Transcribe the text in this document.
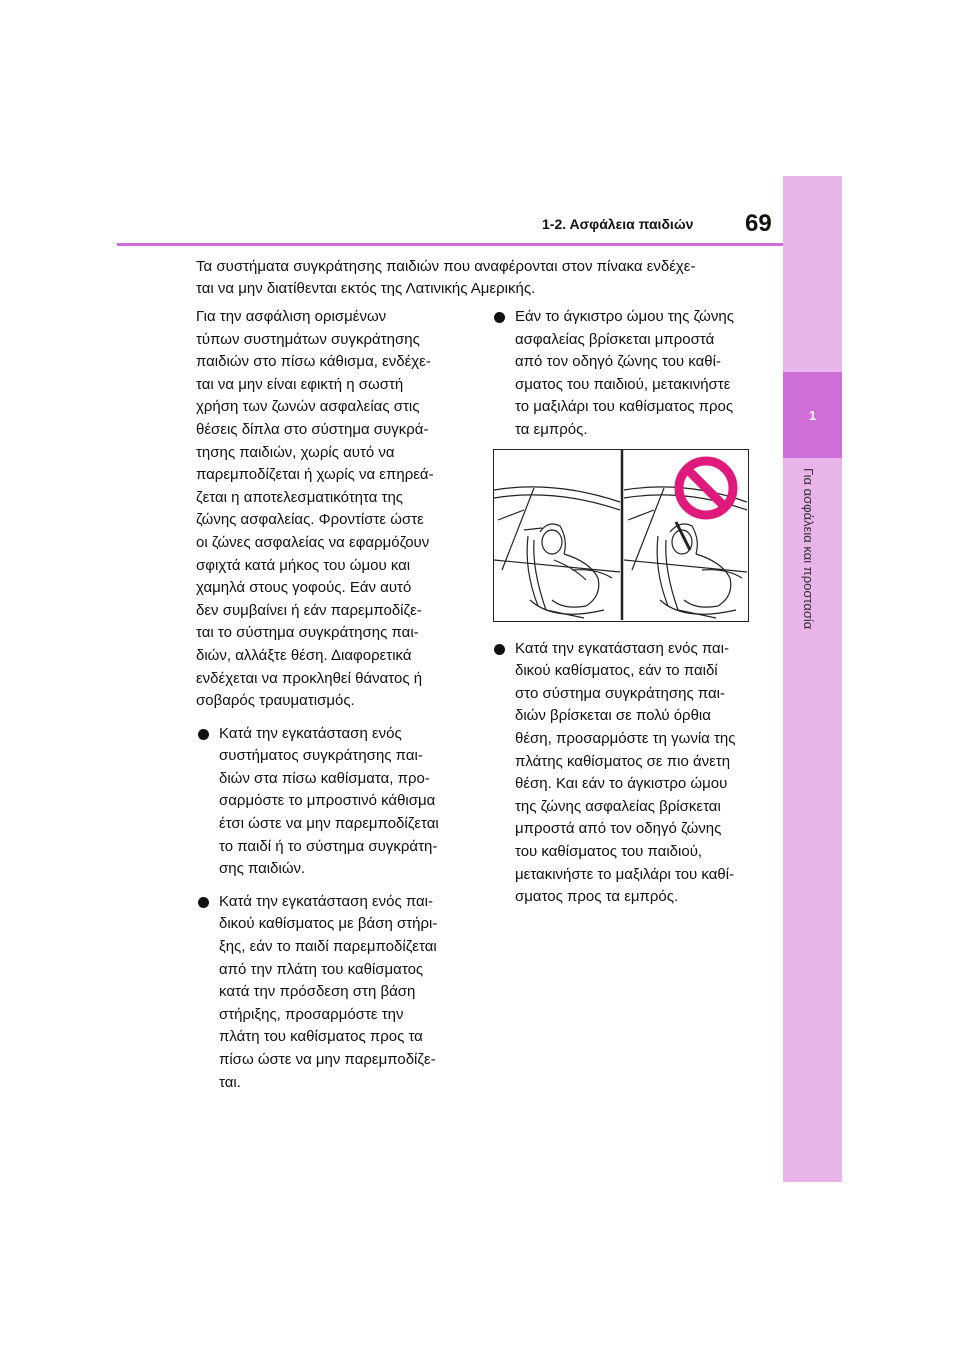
1
Για ασφάλεια και προστασία
1-2. Ασφάλεια παιδιών 69

Τα συστήματα συγκράτησης παιδιών που αναφέρονται στον πίνακα ενδέχε-
ται να μην διατίθενται εκτός της Λατινικής Αμερικής.

Για την ασφάλιση ορισμένων
τύπων συστημάτων συγκράτησης
παιδιών στο πίσω κάθισμα, ενδέχε-
ται να μην είναι εφικτή η σωστή
χρήση των ζωνών ασφαλείας στις
θέσεις δίπλα στο σύστημα συγκρά-
τησης παιδιών, χωρίς αυτό να
παρεμποδίζεται ή χωρίς να επηρεά-
ζεται η αποτελεσματικότητα της
ζώνης ασφαλείας. Φροντίστε ώστε
οι ζώνες ασφαλείας να εφαρμόζουν
σφιχτά κατά μήκος του ώμου και
χαμηλά στους γοφούς. Εάν αυτό
δεν συμβαίνει ή εάν παρεμποδίζε-
ται το σύστημα συγκράτησης παι-
διών, αλλάξτε θέση. Διαφορετικά
ενδέχεται να προκληθεί θάνατος ή
σοβαρός τραυματισμός.

Κατά την εγκατάσταση ενός
συστήματος συγκράτησης παι-
διών στα πίσω καθίσματα, προ-
σαρμόστε το μπροστινό κάθισμα
έτσι ώστε να μην παρεμποδίζεται
το παιδί ή το σύστημα συγκράτη-
σης παιδιών.

Κατά την εγκατάσταση ενός παι-
δικού καθίσματος με βάση στήρι-
ξης, εάν το παιδί παρεμποδίζεται
από την πλάτη του καθίσματος
κατά την πρόσδεση στη βάση
στήριξης, προσαρμόστε την
πλάτη του καθίσματος προς τα
πίσω ώστε να μην παρεμποδίζε-
ται.

Εάν το άγκιστρο ώμου της ζώνης
ασφαλείας βρίσκεται μπροστά
από τον οδηγό ζώνης του καθί-
σματος του παιδιού, μετακινήστε
το μαξιλάρι του καθίσματος προς
τα εμπρός.

Κατά την εγκατάσταση ενός παι-
δικού καθίσματος, εάν το παιδί
στο σύστημα συγκράτησης παι-
διών βρίσκεται σε πολύ όρθια
θέση, προσαρμόστε τη γωνία της
πλάτης καθίσματος σε πιο άνετη
θέση. Και εάν το άγκιστρο ώμου
της ζώνης ασφαλείας βρίσκεται
μπροστά από τον οδηγό ζώνης
του καθίσματος του παιδιού,
μετακινήστε το μαξιλάρι του καθί-
σματος προς τα εμπρός.
